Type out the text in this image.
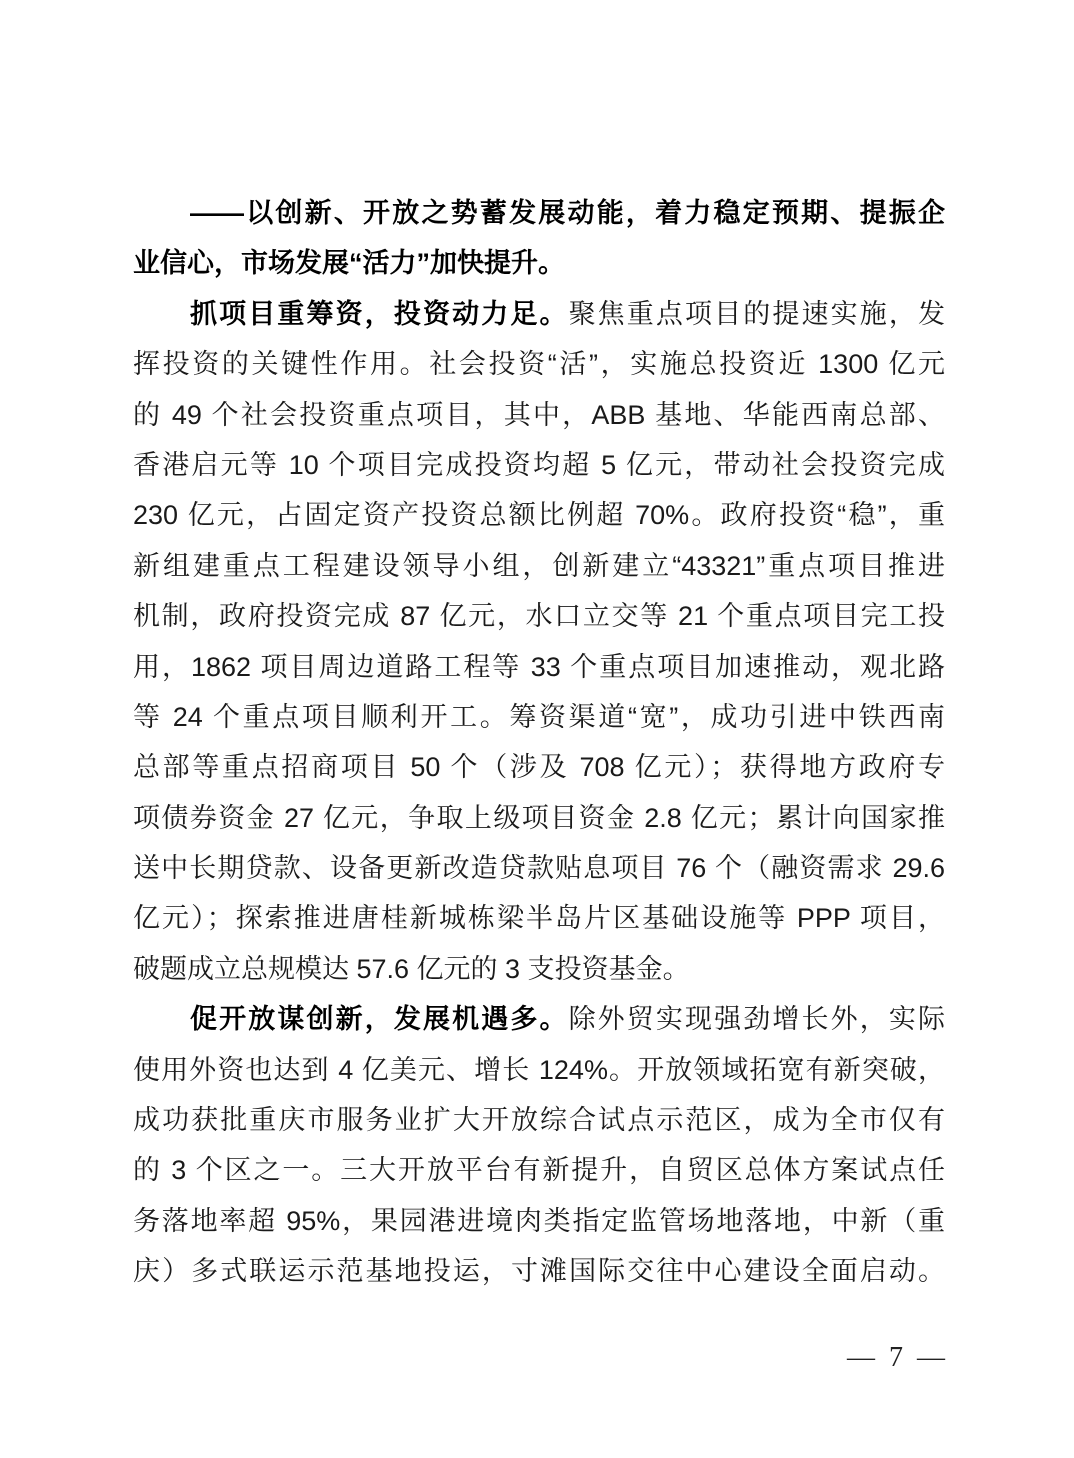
——以创新、开放之势蓄发展动能，着力稳定预期、提振企
业信心，市场发展“活力”加快提升。
抓项目重筹资，投资动力足。聚焦重点项目的提速实施，发
挥投资的关键性作用。社会投资“活”，实施总投资近 1300 亿元
的 49 个社会投资重点项目，其中，ABB 基地、华能西南总部、
香港启元等 10 个项目完成投资均超 5 亿元，带动社会投资完成
230 亿元，占固定资产投资总额比例超 70%。政府投资“稳”，重
新组建重点工程建设领导小组，创新建立“43321”重点项目推进
机制，政府投资完成 87 亿元，水口立交等 21 个重点项目完工投
用，1862 项目周边道路工程等 33 个重点项目加速推动，观北路
等 24 个重点项目顺利开工。筹资渠道“宽”，成功引进中铁西南
总部等重点招商项目 50 个（涉及 708 亿元）；获得地方政府专
项债券资金 27 亿元，争取上级项目资金 2.8 亿元；累计向国家推
送中长期贷款、设备更新改造贷款贴息项目 76 个（融资需求 29.6
亿元）；探索推进唐桂新城栋梁半岛片区基础设施等 PPP 项目，
破题成立总规模达 57.6 亿元的 3 支投资基金。
促开放谋创新，发展机遇多。除外贸实现强劲增长外，实际
使用外资也达到 4 亿美元、增长 124%。开放领域拓宽有新突破，
成功获批重庆市服务业扩大开放综合试点示范区，成为全市仅有
的 3 个区之一。三大开放平台有新提升，自贸区总体方案试点任
务落地率超 95%，果园港进境肉类指定监管场地落地，中新（重
庆）多式联运示范基地投运，寸滩国际交往中心建设全面启动。
— 7 —
